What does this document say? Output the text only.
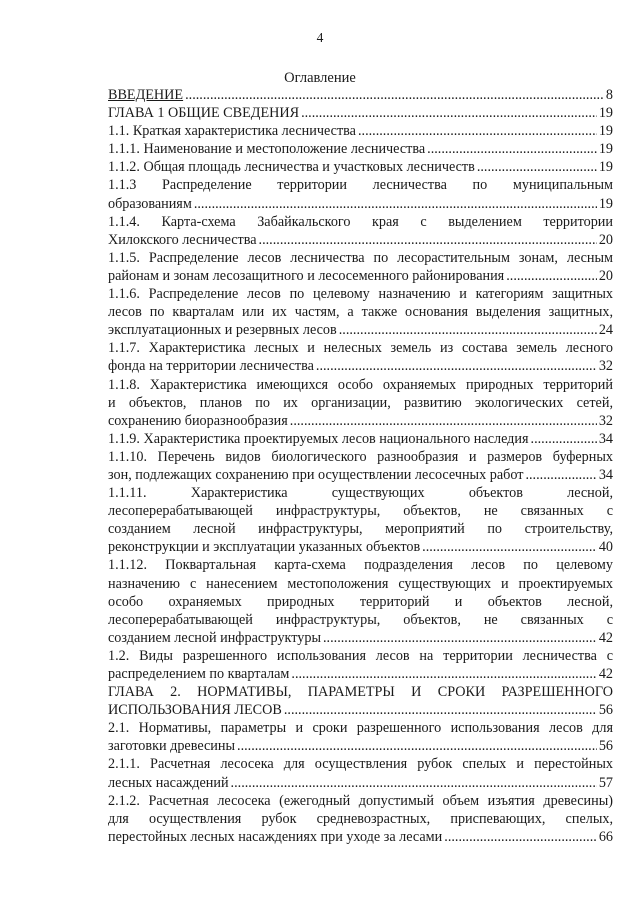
4
Оглавление
ВВЕДЕНИЕ .....	8
ГЛАВА 1 ОБЩИЕ СВЕДЕНИЯ .....	19
1.1. Краткая характеристика лесничества .....	19
1.1.1. Наименование и местоположение лесничества .....	19
1.1.2. Общая площадь лесничества и участковых лесничеств .....	19
1.1.3 Распределение территории лесничества по муниципальным
образованиям .....	19
1.1.4. Карта-схема Забайкальского края с выделением территории
Хилокского лесничества .....	20
1.1.5. Распределение лесов лесничества по лесорастительным зонам, лесным
районам и зонам лесозащитного и лесосеменного районирования .....	20
1.1.6. Распределение лесов по целевому назначению и категориям защитных
лесов по кварталам или их частям, а также основания выделения защитных,
эксплуатационных и резервных лесов .....	24
1.1.7. Характеристика лесных и нелесных земель из состава земель лесного
фонда на территории лесничества .....	32
1.1.8. Характеристика имеющихся особо охраняемых природных территорий
и объектов, планов по их организации, развитию экологических сетей,
сохранению биоразнообразия .....	32
1.1.9. Характеристика проектируемых лесов национального наследия .....	34
1.1.10. Перечень видов биологического разнообразия и размеров буферных
зон, подлежащих сохранению при осуществлении лесосечных работ .....	34
1.1.11. Характеристика существующих объектов лесной,
лесоперерабатывающей инфраструктуры, объектов, не связанных с
созданием лесной инфраструктуры, мероприятий по строительству,
реконструкции и эксплуатации указанных объектов .....	40
1.1.12. Поквартальная карта-схема подразделения лесов по целевому
назначению с нанесением местоположения существующих и проектируемых
особо охраняемых природных территорий и объектов лесной,
лесоперерабатывающей инфраструктуры, объектов, не связанных с
созданием лесной инфраструктуры .....	42
1.2. Виды разрешенного использования лесов на территории лесничества с
распределением по кварталам .....	42
ГЛАВА 2. НОРМАТИВЫ, ПАРАМЕТРЫ И СРОКИ РАЗРЕШЕННОГО
ИСПОЛЬЗОВАНИЯ ЛЕСОВ .....	56
2.1. Нормативы, параметры и сроки разрешенного использования лесов для
заготовки древесины .....	56
2.1.1. Расчетная лесосека для осуществления рубок спелых и перестойных
лесных насаждений .....	57
2.1.2. Расчетная лесосека (ежегодный допустимый объем изъятия древесины)
для осуществления рубок средневозрастных, приспевающих, спелых,
перестойных лесных насаждениях при уходе за лесами .....	66
